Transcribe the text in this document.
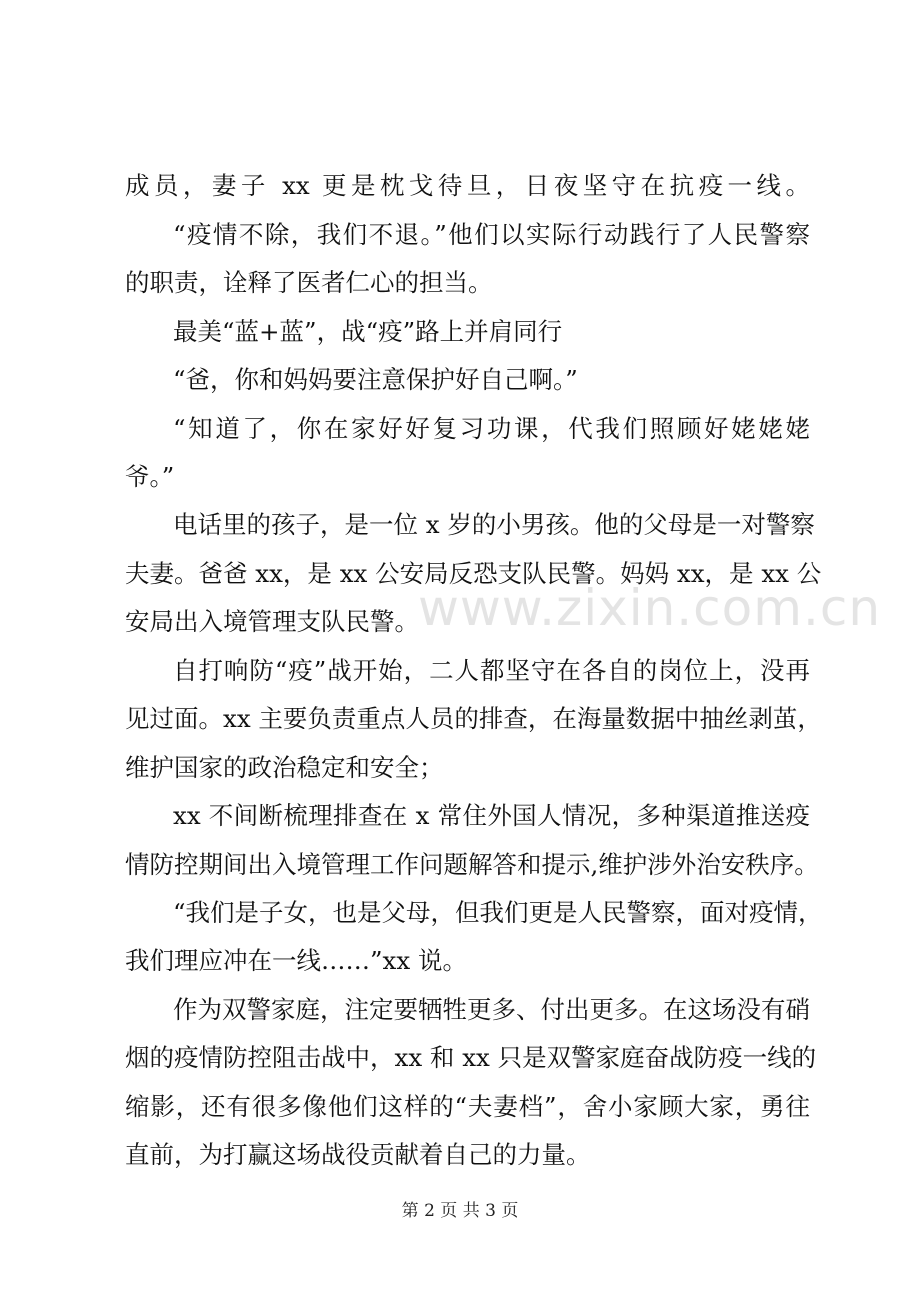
www.zixin.com.cn
成员，妻子 xx 更是枕戈待旦，日夜坚守在抗疫一线。
“疫情不除，我们不退。”他们以实际行动践行了人民警察
的职责，诠释了医者仁心的担当。
最美“蓝+蓝”，战“疫”路上并肩同行
“爸，你和妈妈要注意保护好自己啊。”
“知道了，你在家好好复习功课，代我们照顾好姥姥姥
爷。”
电话里的孩子，是一位 x 岁的小男孩。他的父母是一对警察
夫妻。爸爸 xx，是 xx 公安局反恐支队民警。妈妈 xx，是 xx 公
安局出入境管理支队民警。
自打响防“疫”战开始，二人都坚守在各自的岗位上，没再
见过面。xx 主要负责重点人员的排查，在海量数据中抽丝剥茧，
维护国家的政治稳定和安全；
xx 不间断梳理排查在 x 常住外国人情况，多种渠道推送疫
情防控期间出入境管理工作问题解答和提示,维护涉外治安秩序。
“我们是子女，也是父母，但我们更是人民警察，面对疫情，
我们理应冲在一线……”xx 说。
作为双警家庭，注定要牺牲更多、付出更多。在这场没有硝
烟的疫情防控阻击战中，xx 和 xx 只是双警家庭奋战防疫一线的
缩影，还有很多像他们这样的“夫妻档”，舍小家顾大家，勇往
直前，为打赢这场战役贡献着自己的力量。
第 2 页 共 3 页
